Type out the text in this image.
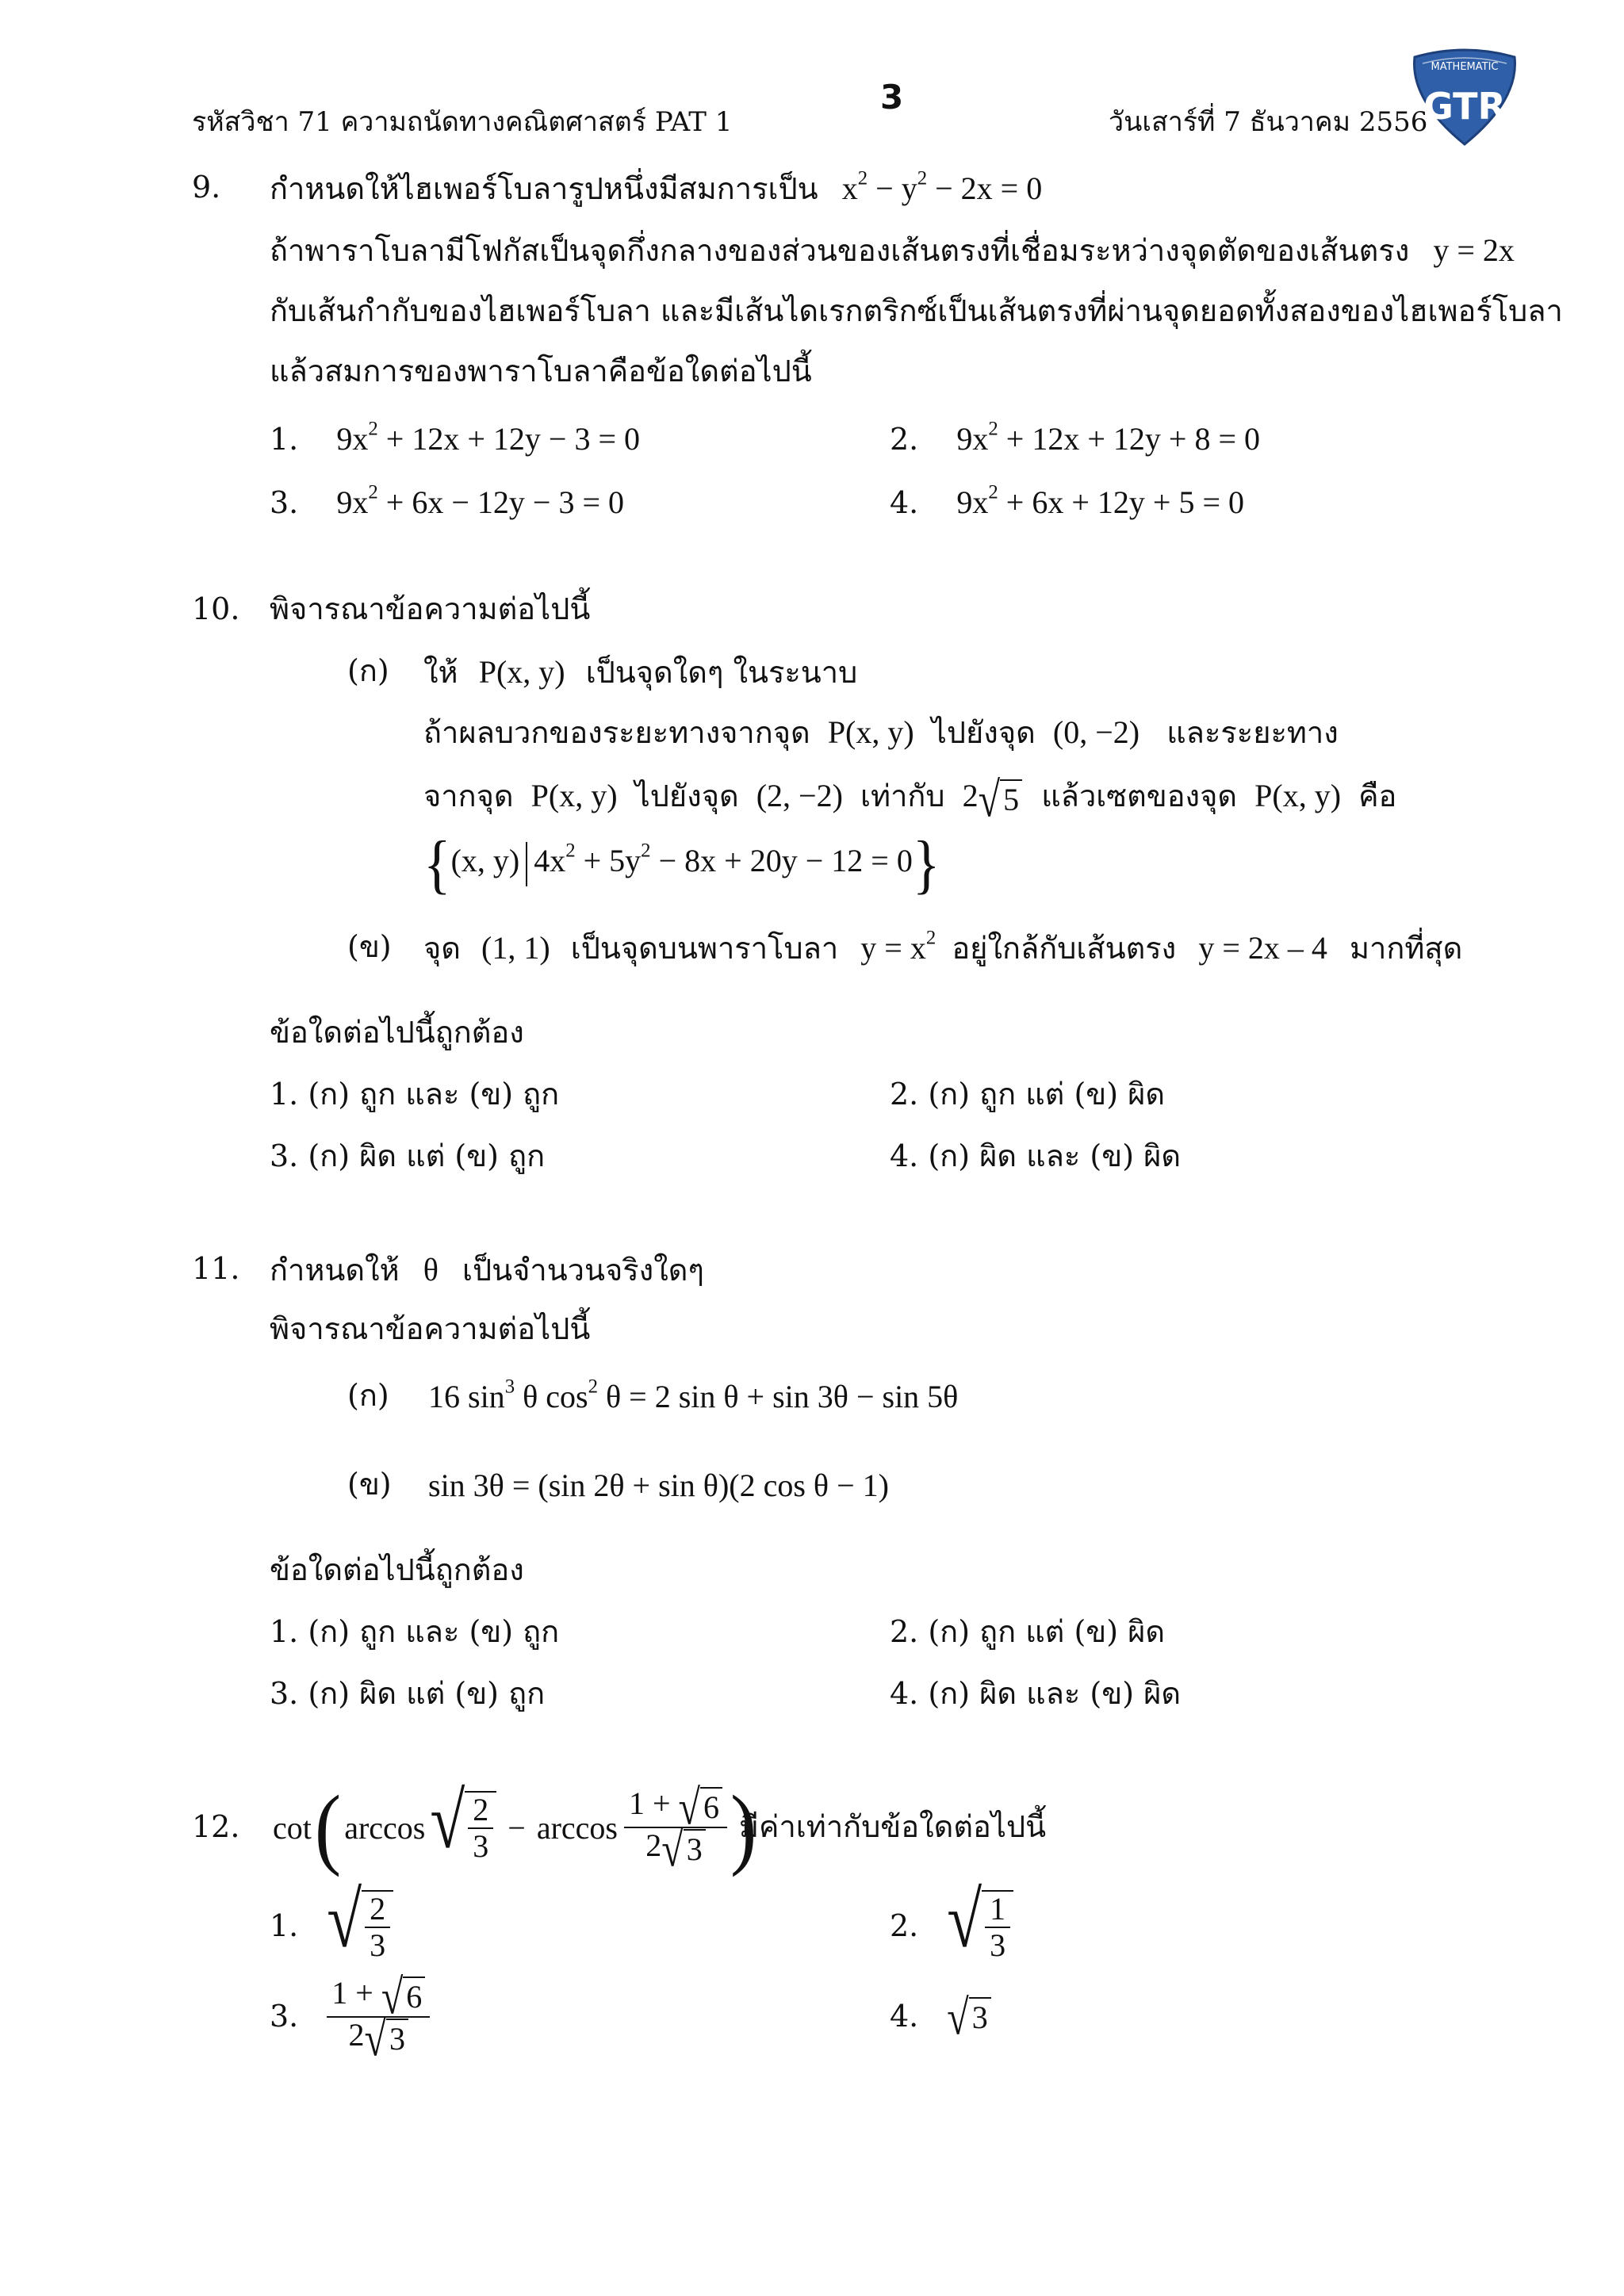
รหัสวิชา 71 ความถนัดทางคณิตศาสตร์ PAT 1
3
วันเสาร์ที่ 7 ธันวาคม 2556
MATHEMATIC
GTR
9. กำหนดให้ไฮเพอร์โบลารูปหนึ่งมีสมการเป็น $x^2 - y^2 - 2x = 0$
ถ้าพาราโบลามีโฟกัสเป็นจุดกึ่งกลางของส่วนของเส้นตรงที่เชื่อมระหว่างจุดตัดของเส้นตรง y = 2x
กับเส้นกำกับของไฮเพอร์โบลา และมีเส้นไดเรกตริกซ์เป็นเส้นตรงที่ผ่านจุดยอดทั้งสองของไฮเพอร์โบลา
แล้วสมการของพาราโบลาคือข้อใดต่อไปนี้
1. $9x^2 + 12x + 12y - 3 = 0$	2. $9x^2 + 12x + 12y + 8 = 0$
3. $9x^2 + 6x - 12y - 3 = 0$	4. $9x^2 + 6x + 12y + 5 = 0$
10. พิจารณาข้อความต่อไปนี้
(ก) ให้ P(x, y) เป็นจุดใดๆ ในระนาบ
ถ้าผลบวกของระยะทางจากจุด P(x, y) ไปยังจุด (0, −2) และระยะทาง
จากจุด P(x, y) ไปยังจุด (2, −2) เท่ากับ 2 √ 5 แล้วเซตของจุด P(x, y) คือ
{(x, y) $4x^2 + 5y^2 - 8x + 20y - 12 = 0$}
(ข) จุด (1, 1) เป็นจุดบนพาราโบลา $y = x^2$ อยู่ใกล้กับเส้นตรง y = 2x – 4 มากที่สุด
ข้อใดต่อไปนี้ถูกต้อง
1. (ก) ถูก และ (ข) ถูก	2. (ก) ถูก แต่ (ข) ผิด
3. (ก) ผิด แต่ (ข) ถูก	4. (ก) ผิด และ (ข) ผิด
11. กำหนดให้ θ เป็นจำนวนจริงใดๆ
พิจารณาข้อความต่อไปนี้
(ก) 16 $\sin^3 \theta$ $\cos^2 \theta = 2$ sin θ + sin 3θ − sin 5θ
(ข) sin 3θ = (sin 2θ + sin θ)(2 cos θ − 1)
ข้อใดต่อไปนี้ถูกต้อง
1. (ก) ถูก และ (ข) ถูก	2. (ก) ถูก แต่ (ข) ผิด
3. (ก) ผิด แต่ (ข) ถูก	4. (ก) ผิด และ (ข) ผิด
12. cot ( arccos √ $\frac{2}{3} - \arccos \frac{1 + √ 6}{2 √ 3}$ )
มีค่าเท่ากับข้อใดต่อไปนี้
1. √ $\frac{2}{3}$	2. √ $\frac{1}{3}$
3. $\frac{1 + √ 6}{2 √ 3}$	4. √ 3
